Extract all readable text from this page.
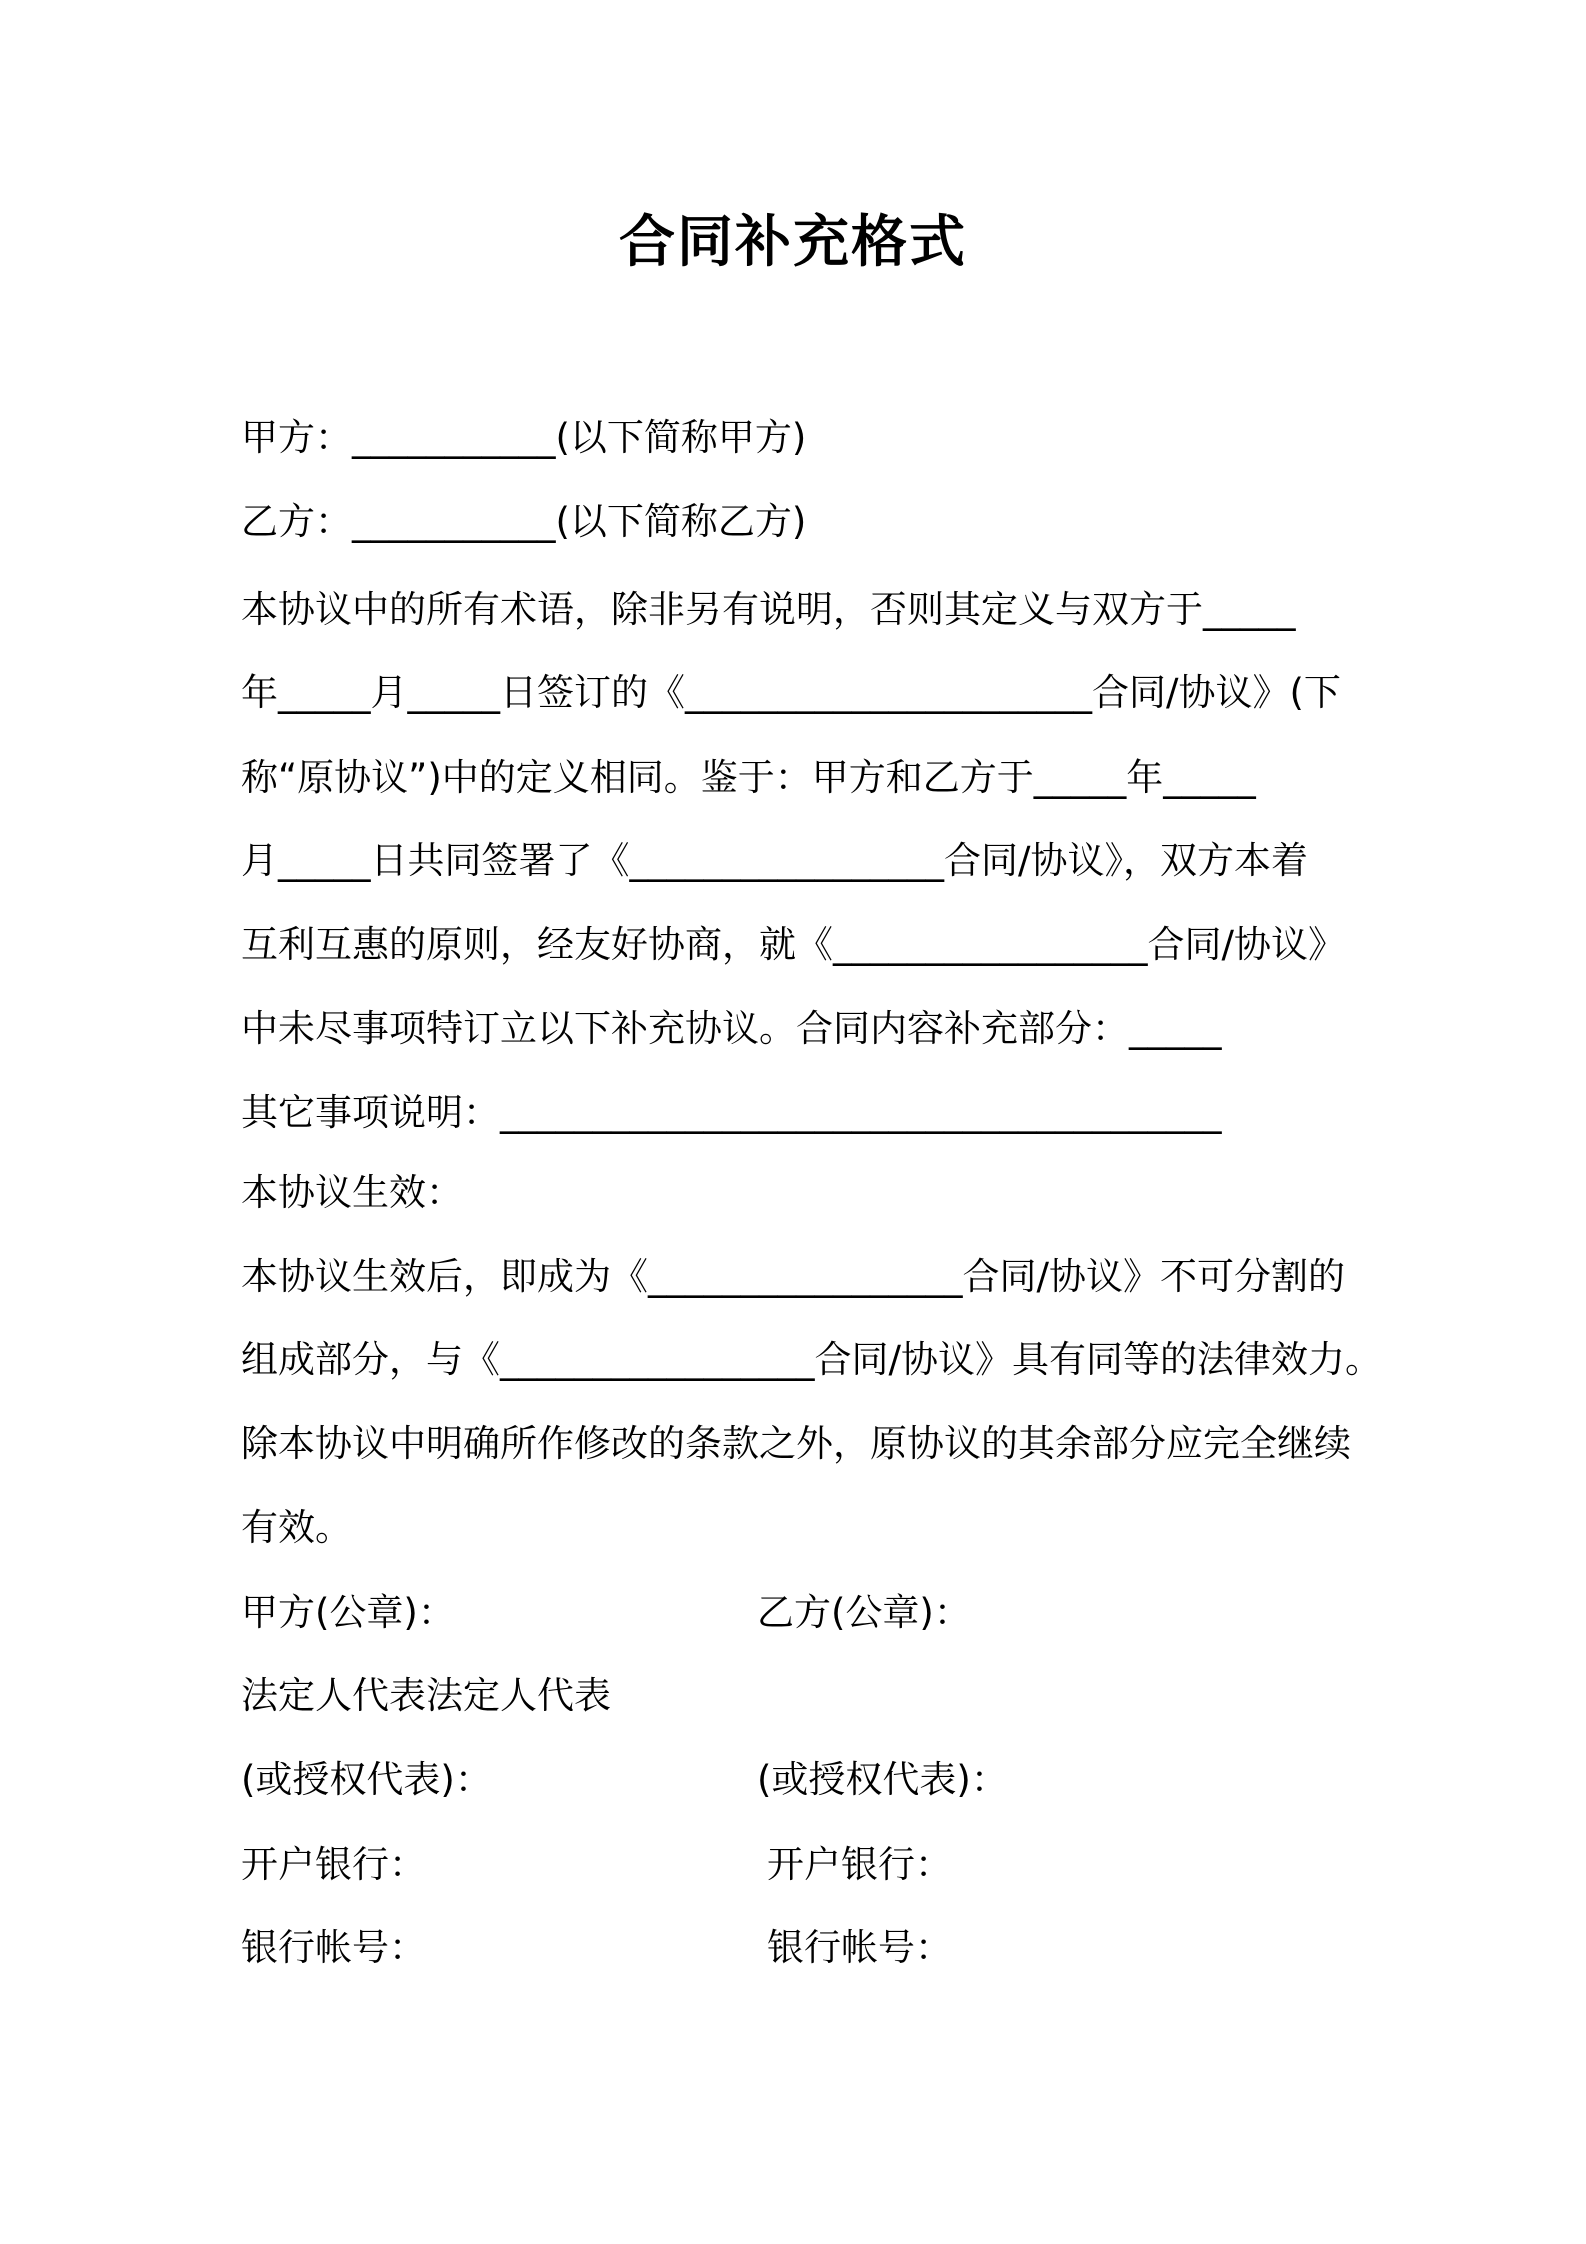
合同补充格式
甲方：___________(以下简称甲方)
乙方：___________(以下简称乙方)
本协议中的所有术语，除非另有说明，否则其定义与双方于_____
年_____月_____日签订的《______________________合同/协议》(下
称“原协议”)中的定义相同。鉴于：甲方和乙方于_____年_____
月_____日共同签署了《_________________合同/协议》，双方本着
互利互惠的原则，经友好协商，就《_________________合同/协议》
中未尽事项特订立以下补充协议。合同内容补充部分：_____
其它事项说明：_______________________________________
本协议生效：
本协议生效后，即成为《_________________合同/协议》不可分割的
组成部分，与《_________________合同/协议》具有同等的法律效力。
除本协议中明确所作修改的条款之外，原协议的其余部分应完全继续
有效。
甲方(公章)：	乙方(公章)：
法定人代表法定人代表
(或授权代表)：	(或授权代表)：
开户银行：	开户银行：
银行帐号：	银行帐号：
